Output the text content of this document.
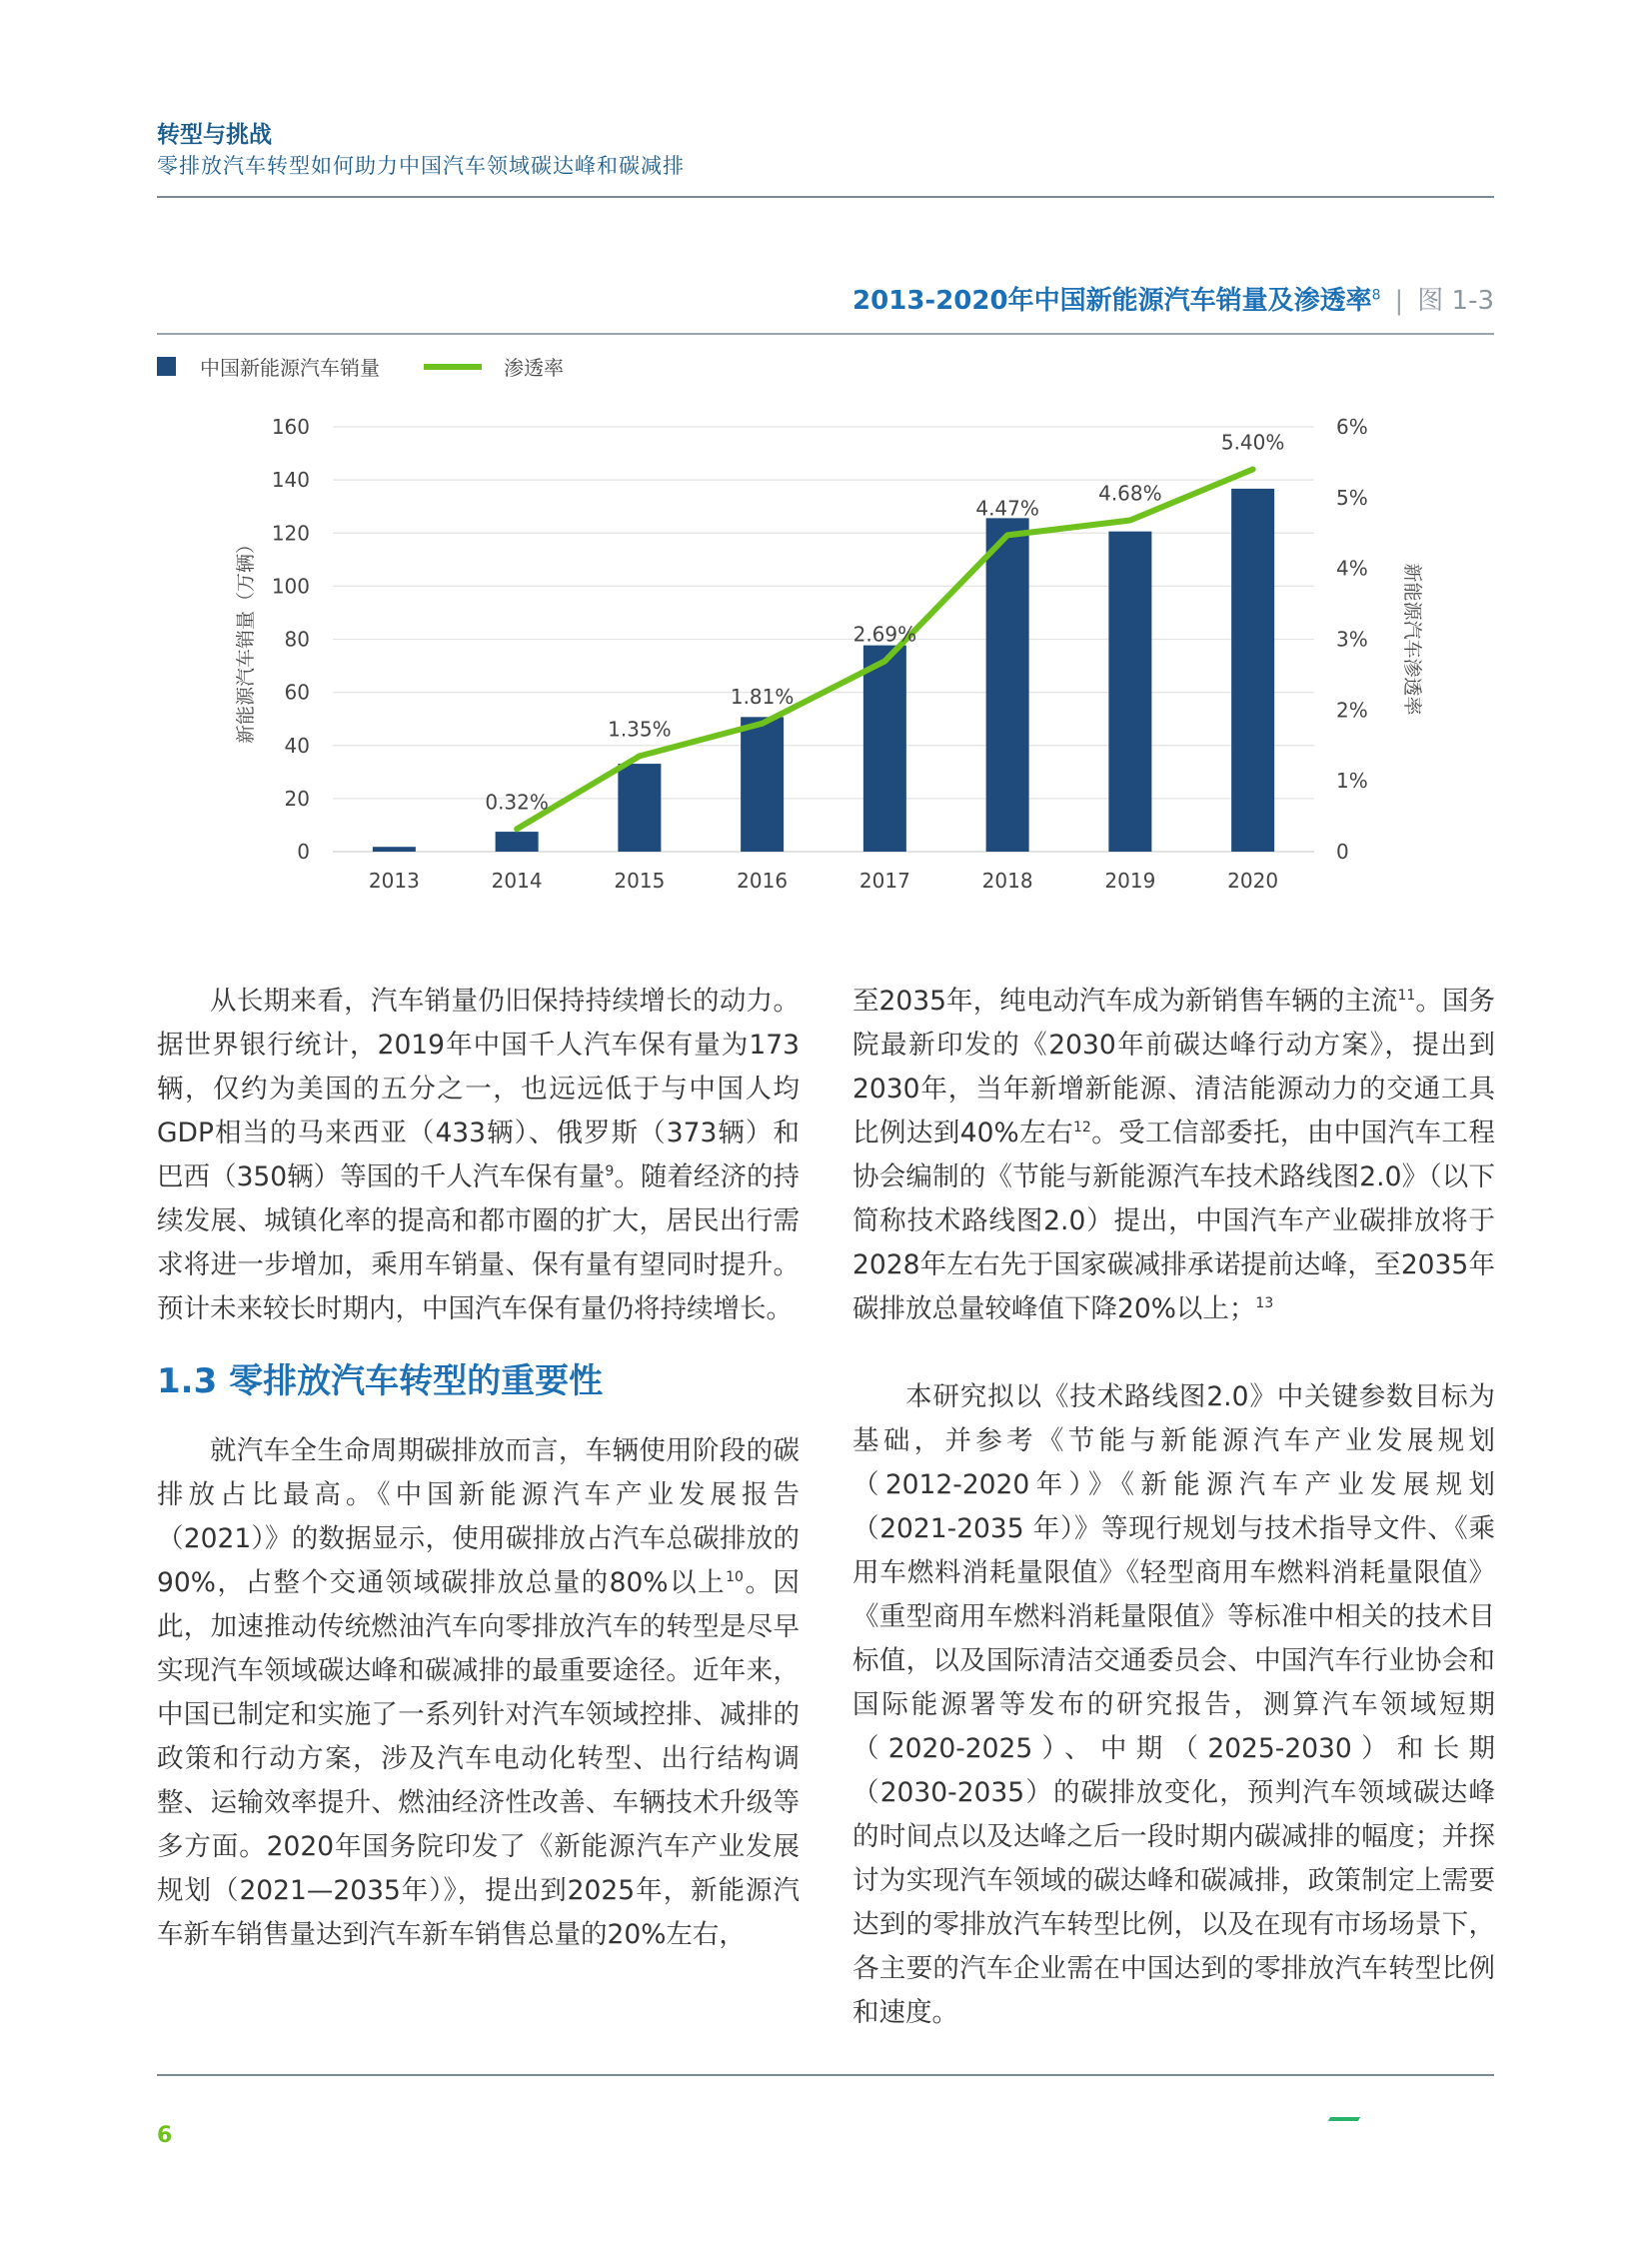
转型与挑战
零排放汽车转型如何助力中国汽车领域碳达峰和碳减排
2013-2020年中国新能源汽车销量及渗透率$^8$ | 图 1-3
中国新能源汽车销量	渗透率
0
20
40
60
80
100
120
140
160
0
1%
2%
3%
4%
5%
6%
新能源汽车销量（万辆）	新能源汽车渗透率
2013	2014	2015	2016	2017	2018	2019	2020
0.32%
1.35%
1.81%
2.69%
4.47%
4.68%
5.40%

从长期来看，汽车销量仍旧保持持续增长的动力。据世界银行统计，2019年中国千人汽车保有量为173辆，仅约为美国的五分之一，也远远低于与中国人均GDP相当的马来西亚（433辆）、俄罗斯（373辆）和巴西（350辆）等国的千人汽车保有量$^9$。随着经济的持续发展、城镇化率的提高和都市圈的扩大，居民出行需求将进一步增加，乘用车销量、保有量有望同时提升。预计未来较长时期内，中国汽车保有量仍将持续增长。

1.3 零排放汽车转型的重要性

就汽车全生命周期碳排放而言，车辆使用阶段的碳排放占比最高。《中国新能源汽车产业发展报告（2021）》的数据显示，使用碳排放占汽车总碳排放的90%，占整个交通领域碳排放总量的80%以上$^{10}$。因此，加速推动传统燃油汽车向零排放汽车的转型是尽早实现汽车领域碳达峰和碳减排的最重要途径。近年来，中国已制定和实施了一系列针对汽车领域控排、减排的政策和行动方案，涉及汽车电动化转型、出行结构调整、运输效率提升、燃油经济性改善、车辆技术升级等多方面。2020年国务院印发了《新能源汽车产业发展规划（2021—2035年）》，提出到2025年，新能源汽车新车销售量达到汽车新车销售总量的20%左右，

至2035年，纯电动汽车成为新销售车辆的主流$^{11}$。国务院最新印发的《2030年前碳达峰行动方案》，提出到2030年，当年新增新能源、清洁能源动力的交通工具比例达到40%左右$^{12}$。受工信部委托，由中国汽车工程协会编制的《节能与新能源汽车技术路线图2.0》（以下简称技术路线图2.0）提出，中国汽车产业碳排放将于2028年左右先于国家碳减排承诺提前达峰，至2035年碳排放总量较峰值下降20%以上；$^{13}$

本研究拟以《技术路线图2.0》中关键参数目标为基础，并参考《节能与新能源汽车产业发展规划（2012-2020年）》《新能源汽车产业发展规划（2021-2035 年）》等现行规划与技术指导文件、《乘用车燃料消耗量限值》《轻型商用车燃料消耗量限值》《重型商用车燃料消耗量限值》等标准中相关的技术目标值，以及国际清洁交通委员会、中国汽车行业协会和国际能源署等发布的研究报告，测算汽车领域短期（2020-2025）、中期（2025-2030）和长期（2030-2035）的碳排放变化，预判汽车领域碳达峰的时间点以及达峰之后一段时期内碳减排的幅度；并探讨为实现汽车领域的碳达峰和碳减排，政策制定上需要达到的零排放汽车转型比例，以及在现有市场场景下，各主要的汽车企业需在中国达到的零排放汽车转型比例和速度。

6
